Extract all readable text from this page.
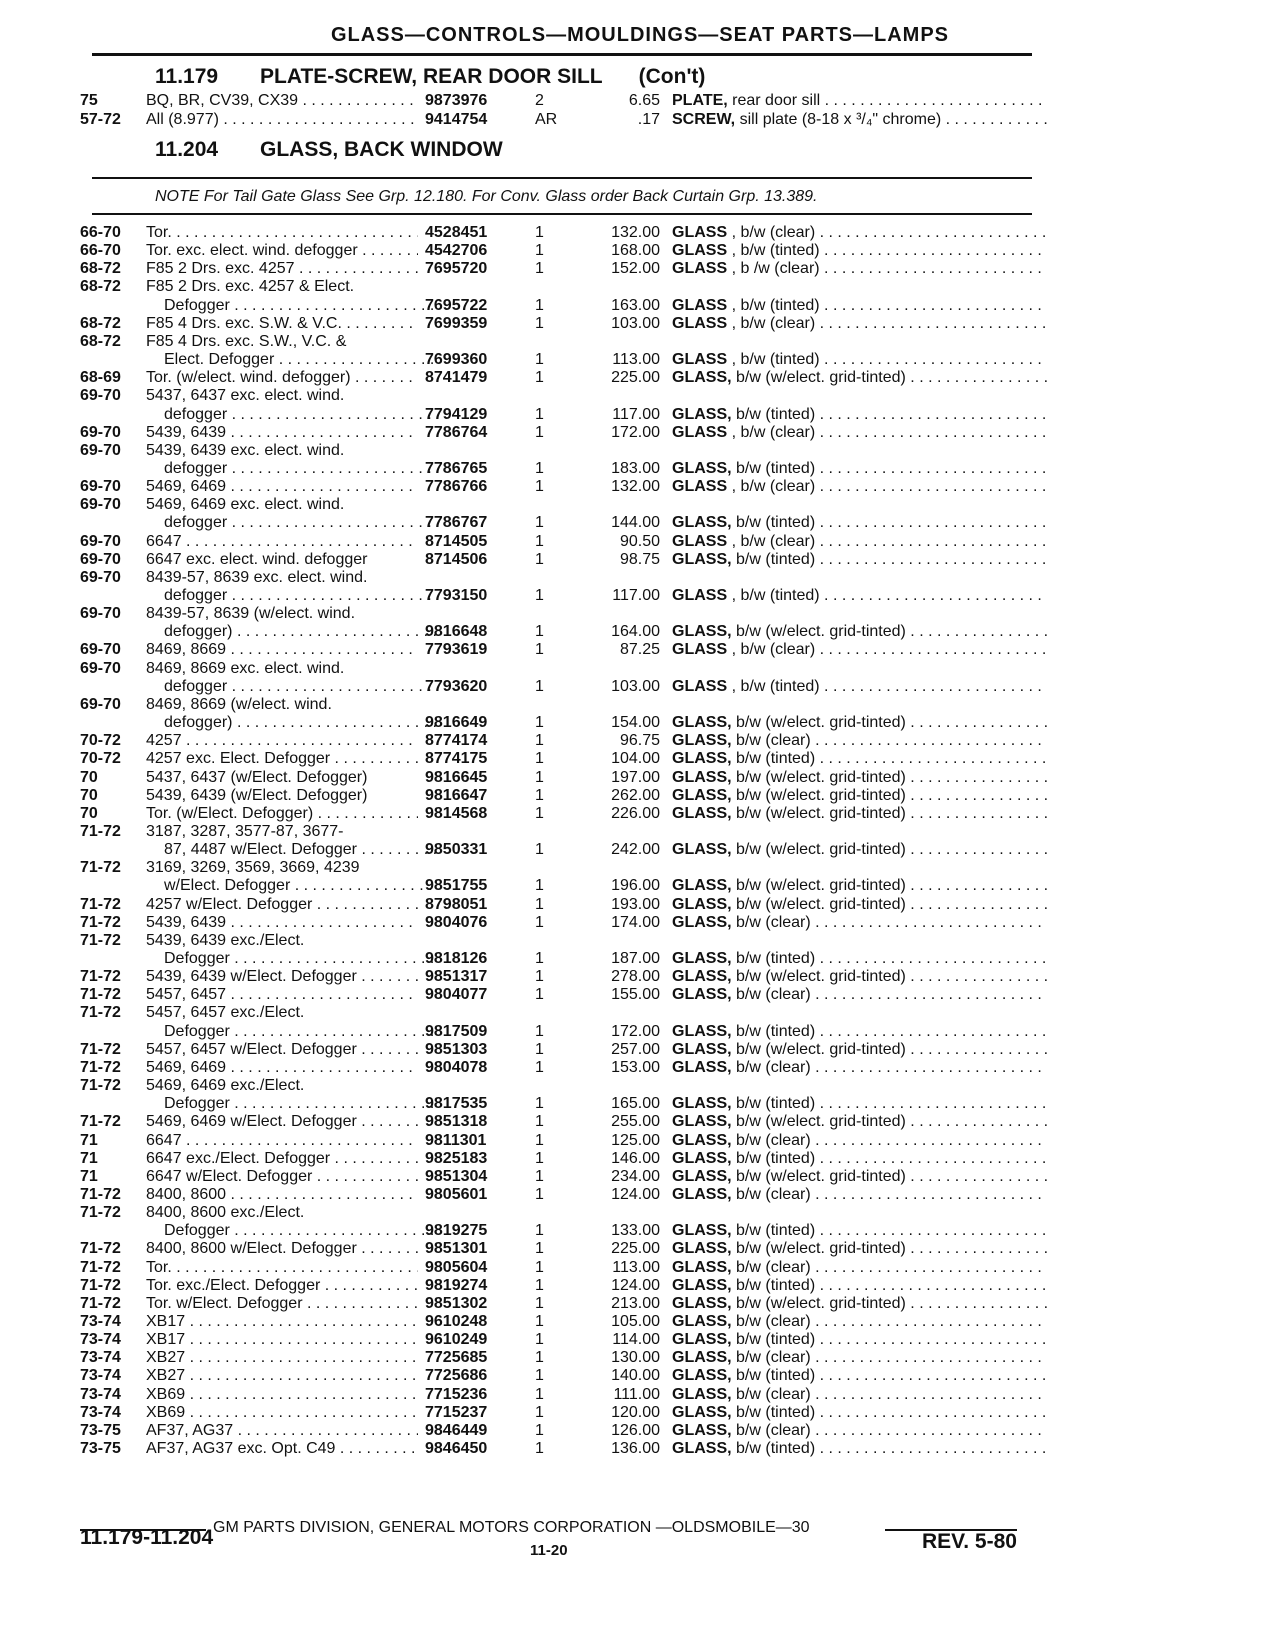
GLASS—CONTROLS—MOULDINGS—SEAT PARTS—LAMPS
11.179 PLATE-SCREW, REAR DOOR SILL (Con't)
75	BQ, BR, CV39, CX39 . . .	9873976	2	6.65 PLATE, rear door sill . . .
57-72	All (8.977) . . .	9414754	AR	.17 SCREW, sill plate (8-18 x ³/₄" chrome) . . .
11.204 GLASS, BACK WINDOW
NOTE For Tail Gate Glass See Grp. 12.180. For Conv. Glass order Back Curtain Grp. 13.389.
66-70	Tor. . . .	4528451	1	132.00 GLASS , b/w (clear) . . .
66-70	Tor. exc. elect. wind. defogger . . .	4542706	1	168.00 GLASS , b/w (tinted) . . .
68-72	F85 2 Drs. exc. 4257 . . .	7695720	1	152.00 GLASS , b /w (clear) . . .
68-72	F85 2 Drs. exc. 4257 & Elect.
Defogger . . .	7695722	1	163.00 GLASS , b/w (tinted) . . .
68-72	F85 4 Drs. exc. S.W. & V.C. . . .	7699359	1	103.00 GLASS , b/w (clear) . . .
68-72	F85 4 Drs. exc. S.W., V.C. &
Elect. Defogger . . .	7699360	1	113.00 GLASS , b/w (tinted) . . .
68-69	Tor. (w/elect. wind. defogger) . . .	8741479	1	225.00 GLASS, b/w (w/elect. grid-tinted) . . .
69-70	5437, 6437 exc. elect. wind.
defogger . . .	7794129	1	117.00 GLASS, b/w (tinted) . . .
69-70	5439, 6439 . . .	7786764	1	172.00 GLASS , b/w (clear) . . .
69-70	5439, 6439 exc. elect. wind.
defogger . . .	7786765	1	183.00 GLASS, b/w (tinted) . . .
69-70	5469, 6469 . . .	7786766	1	132.00 GLASS , b/w (clear) . . .
69-70	5469, 6469 exc. elect. wind.
defogger . . .	7786767	1	144.00 GLASS, b/w (tinted) . . .
69-70	6647 . . .	8714505	1	90.50 GLASS , b/w (clear) . . .
69-70	6647 exc. elect. wind. defogger	8714506	1	98.75 GLASS, b/w (tinted) . . .
69-70	8439-57, 8639 exc. elect. wind.
defogger . . .	7793150	1	117.00 GLASS , b/w (tinted) . . .
69-70	8439-57, 8639 (w/elect. wind.
defogger) . . .	9816648	1	164.00 GLASS, b/w (w/elect. grid-tinted) . . .
69-70	8469, 8669 . . .	7793619	1	87.25 GLASS , b/w (clear) . . .
69-70	8469, 8669 exc. elect. wind.
defogger . . .	7793620	1	103.00 GLASS , b/w (tinted) . . .
69-70	8469, 8669 (w/elect. wind.
defogger) . . .	9816649	1	154.00 GLASS, b/w (w/elect. grid-tinted) . . .
70-72	4257 . . .	8774174	1	96.75 GLASS, b/w (clear) . . .
70-72	4257 exc. Elect. Defogger . . .	8774175	1	104.00 GLASS, b/w (tinted) . . .
70	5437, 6437 (w/Elect. Defogger)	9816645	1	197.00 GLASS, b/w (w/elect. grid-tinted) . . .
70	5439, 6439 (w/Elect. Defogger)	9816647	1	262.00 GLASS, b/w (w/elect. grid-tinted) . . .
70	Tor. (w/Elect. Defogger) . . .	9814568	1	226.00 GLASS, b/w (w/elect. grid-tinted) . . .
71-72	3187, 3287, 3577-87, 3677-
87, 4487 w/Elect. Defogger . . .	9850331	1	242.00 GLASS, b/w (w/elect. grid-tinted) . . .
71-72	3169, 3269, 3569, 3669, 4239
w/Elect. Defogger . . .	9851755	1	196.00 GLASS, b/w (w/elect. grid-tinted) . . .
71-72	4257 w/Elect. Defogger . . .	8798051	1	193.00 GLASS, b/w (w/elect. grid-tinted) . . .
71-72	5439, 6439 . . .	9804076	1	174.00 GLASS, b/w (clear) . . .
71-72	5439, 6439 exc./Elect.
Defogger . . .	9818126	1	187.00 GLASS, b/w (tinted) . . .
71-72	5439, 6439 w/Elect. Defogger . . .	9851317	1	278.00 GLASS, b/w (w/elect. grid-tinted) . . .
71-72	5457, 6457 . . .	9804077	1	155.00 GLASS, b/w (clear) . . .
71-72	5457, 6457 exc./Elect.
Defogger . . .	9817509	1	172.00 GLASS, b/w (tinted) . . .
71-72	5457, 6457 w/Elect. Defogger . . .	9851303	1	257.00 GLASS, b/w (w/elect. grid-tinted) . . .
71-72	5469, 6469 . . .	9804078	1	153.00 GLASS, b/w (clear) . . .
71-72	5469, 6469 exc./Elect.
Defogger . . .	9817535	1	165.00 GLASS, b/w (tinted) . . .
71-72	5469, 6469 w/Elect. Defogger . . .	9851318	1	255.00 GLASS, b/w (w/elect. grid-tinted) . . .
71	6647 . . .	9811301	1	125.00 GLASS, b/w (clear) . . .
71	6647 exc./Elect. Defogger . . .	9825183	1	146.00 GLASS, b/w (tinted) . . .
71	6647 w/Elect. Defogger . . .	9851304	1	234.00 GLASS, b/w (w/elect. grid-tinted) . . .
71-72	8400, 8600 . . .	9805601	1	124.00 GLASS, b/w (clear) . . .
71-72	8400, 8600 exc./Elect.
Defogger . . .	9819275	1	133.00 GLASS, b/w (tinted) . . .
71-72	8400, 8600 w/Elect. Defogger . . .	9851301	1	225.00 GLASS, b/w (w/elect. grid-tinted) . . .
71-72	Tor. . . .	9805604	1	113.00 GLASS, b/w (clear) . . .
71-72	Tor. exc./Elect. Defogger . . .	9819274	1	124.00 GLASS, b/w (tinted) . . .
71-72	Tor. w/Elect. Defogger . . .	9851302	1	213.00 GLASS, b/w (w/elect. grid-tinted) . . .
73-74	XB17 . . .	9610248	1	105.00 GLASS, b/w (clear) . . .
73-74	XB17 . . .	9610249	1	114.00 GLASS, b/w (tinted) . . .
73-74	XB27 . . .	7725685	1	130.00 GLASS, b/w (clear) . . .
73-74	XB27 . . .	7725686	1	140.00 GLASS, b/w (tinted) . . .
73-74	XB69 . . .	7715236	1	111.00 GLASS, b/w (clear) . . .
73-74	XB69 . . .	7715237	1	120.00 GLASS, b/w (tinted) . . .
73-75	AF37, AG37 . . .	9846449	1	126.00 GLASS, b/w (clear) . . .
73-75	AF37, AG37 exc. Opt. C49 . . .	9846450	1	136.00 GLASS, b/w (tinted) . . .
GM PARTS DIVISION, GENERAL MOTORS CORPORATION —OLDSMOBILE—30
11.179-11.204
11-20	REV. 5-80
